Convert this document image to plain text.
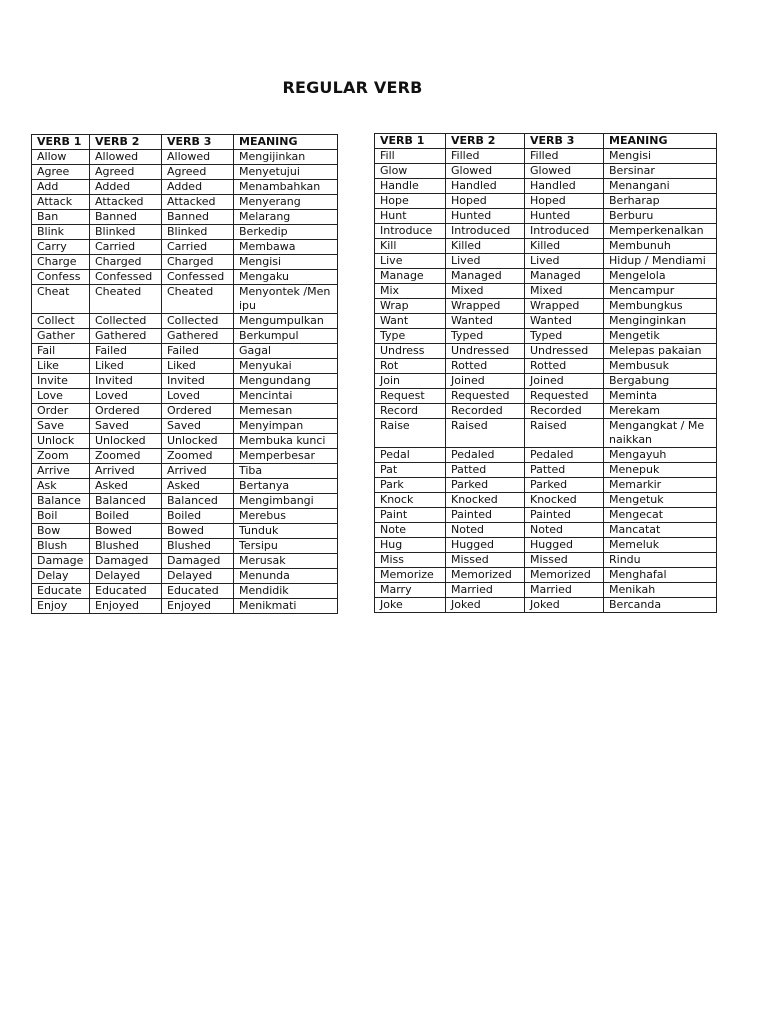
REGULAR VERB
VERB 1	VERB 2	VERB 3	MEANING
Allow	Allowed	Allowed	Mengijinkan
Agree	Agreed	Agreed	Menyetujui
Add	Added	Added	Menambahkan
Attack	Attacked	Attacked	Menyerang
Ban	Banned	Banned	Melarang
Blink	Blinked	Blinked	Berkedip
Carry	Carried	Carried	Membawa
Charge	Charged	Charged	Mengisi
Confess	Confessed	Confessed	Mengaku
Cheat	Cheated	Cheated	Menyontek /Menipu
Collect	Collected	Collected	Mengumpulkan
Gather	Gathered	Gathered	Berkumpul
Fail	Failed	Failed	Gagal
Like	Liked	Liked	Menyukai
Invite	Invited	Invited	Mengundang
Love	Loved	Loved	Mencintai
Order	Ordered	Ordered	Memesan
Save	Saved	Saved	Menyimpan
Unlock	Unlocked	Unlocked	Membuka kunci
Zoom	Zoomed	Zoomed	Memperbesar
Arrive	Arrived	Arrived	Tiba
Ask	Asked	Asked	Bertanya
Balance	Balanced	Balanced	Mengimbangi
Boil	Boiled	Boiled	Merebus
Bow	Bowed	Bowed	Tunduk
Blush	Blushed	Blushed	Tersipu
Damage	Damaged	Damaged	Merusak
Delay	Delayed	Delayed	Menunda
Educate	Educated	Educated	Mendidik
Enjoy	Enjoyed	Enjoyed	Menikmati
VERB 1	VERB 2	VERB 3	MEANING
Fill	Filled	Filled	Mengisi
Glow	Glowed	Glowed	Bersinar
Handle	Handled	Handled	Menangani
Hope	Hoped	Hoped	Berharap
Hunt	Hunted	Hunted	Berburu
Introduce	Introduced	Introduced	Memperkenalkan
Kill	Killed	Killed	Membunuh
Live	Lived	Lived	Hidup / Mendiami
Manage	Managed	Managed	Mengelola
Mix	Mixed	Mixed	Mencampur
Wrap	Wrapped	Wrapped	Membungkus
Want	Wanted	Wanted	Menginginkan
Type	Typed	Typed	Mengetik
Undress	Undressed	Undressed	Melepas pakaian
Rot	Rotted	Rotted	Membusuk
Join	Joined	Joined	Bergabung
Request	Requested	Requested	Meminta
Record	Recorded	Recorded	Merekam
Raise	Raised	Raised	Mengangkat / Menaikkan
Pedal	Pedaled	Pedaled	Mengayuh
Pat	Patted	Patted	Menepuk
Park	Parked	Parked	Memarkir
Knock	Knocked	Knocked	Mengetuk
Paint	Painted	Painted	Mengecat
Note	Noted	Noted	Mancatat
Hug	Hugged	Hugged	Memeluk
Miss	Missed	Missed	Rindu
Memorize	Memorized	Memorized	Menghafal
Marry	Married	Married	Menikah
Joke	Joked	Joked	Bercanda
